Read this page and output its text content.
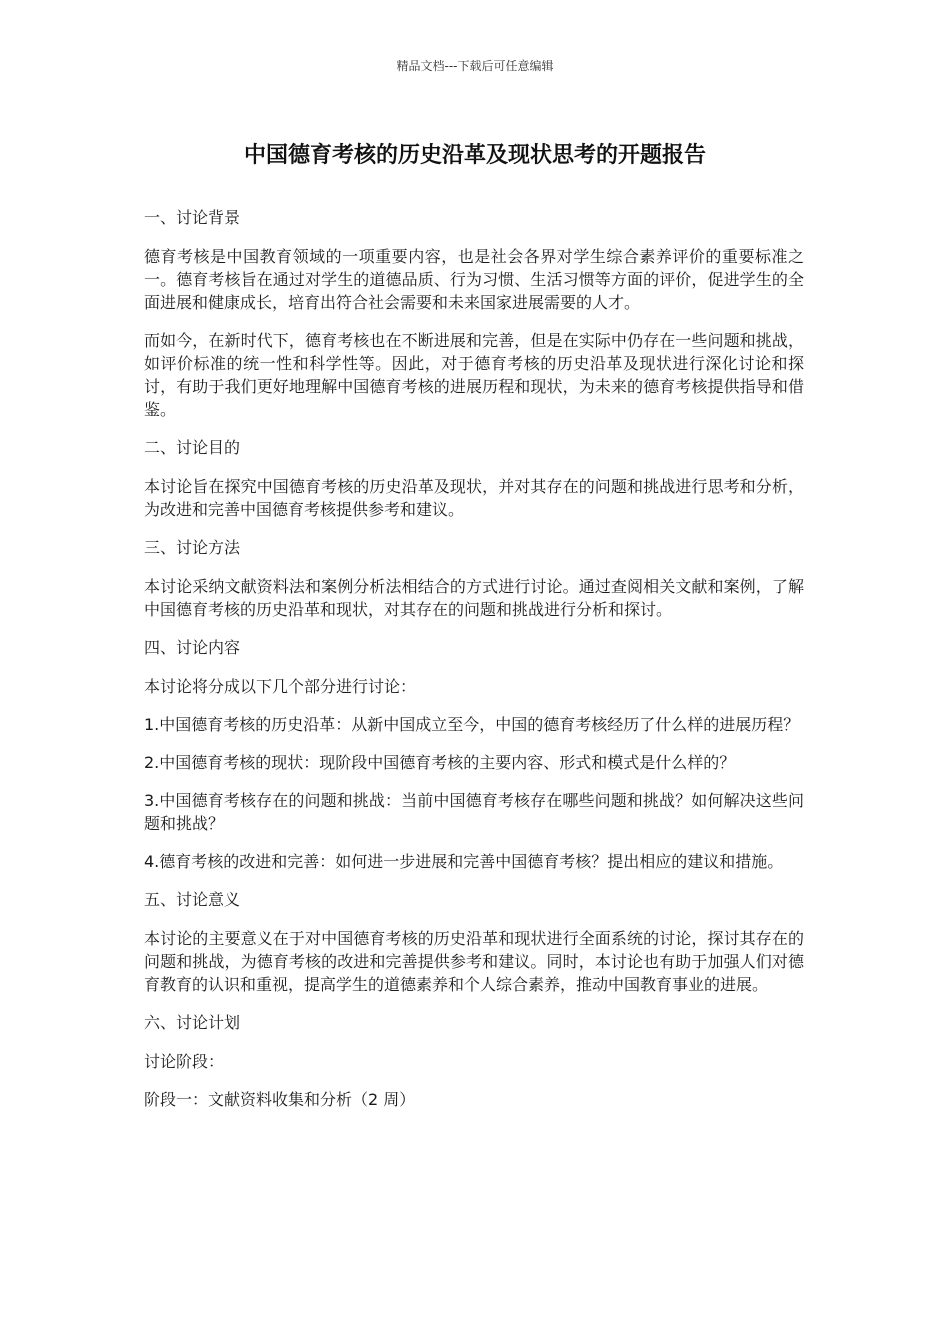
精品文档---下载后可任意编辑
中国德育考核的历史沿革及现状思考的开题报告

一、讨论背景

德育考核是中国教育领域的一项重要内容，也是社会各界对学生综合素养评价的重要标准之一。德育考核旨在通过对学生的道德品质、行为习惯、生活习惯等方面的评价，促进学生的全面进展和健康成长，培育出符合社会需要和未来国家进展需要的人才。

而如今，在新时代下，德育考核也在不断进展和完善，但是在实际中仍存在一些问题和挑战，如评价标准的统一性和科学性等。因此，对于德育考核的历史沿革及现状进行深化讨论和探讨，有助于我们更好地理解中国德育考核的进展历程和现状，为未来的德育考核提供指导和借鉴。

二、讨论目的

本讨论旨在探究中国德育考核的历史沿革及现状，并对其存在的问题和挑战进行思考和分析，为改进和完善中国德育考核提供参考和建议。

三、讨论方法

本讨论采纳文献资料法和案例分析法相结合的方式进行讨论。通过查阅相关文献和案例，了解中国德育考核的历史沿革和现状，对其存在的问题和挑战进行分析和探讨。

四、讨论内容

本讨论将分成以下几个部分进行讨论：

1.中国德育考核的历史沿革：从新中国成立至今，中国的德育考核经历了什么样的进展历程？

2.中国德育考核的现状：现阶段中国德育考核的主要内容、形式和模式是什么样的？

3.中国德育考核存在的问题和挑战：当前中国德育考核存在哪些问题和挑战？如何解决这些问题和挑战？

4.德育考核的改进和完善：如何进一步进展和完善中国德育考核？提出相应的建议和措施。

五、讨论意义

本讨论的主要意义在于对中国德育考核的历史沿革和现状进行全面系统的讨论，探讨其存在的问题和挑战，为德育考核的改进和完善提供参考和建议。同时，本讨论也有助于加强人们对德育教育的认识和重视，提高学生的道德素养和个人综合素养，推动中国教育事业的进展。

六、讨论计划

讨论阶段：

阶段一：文献资料收集和分析（2 周）
